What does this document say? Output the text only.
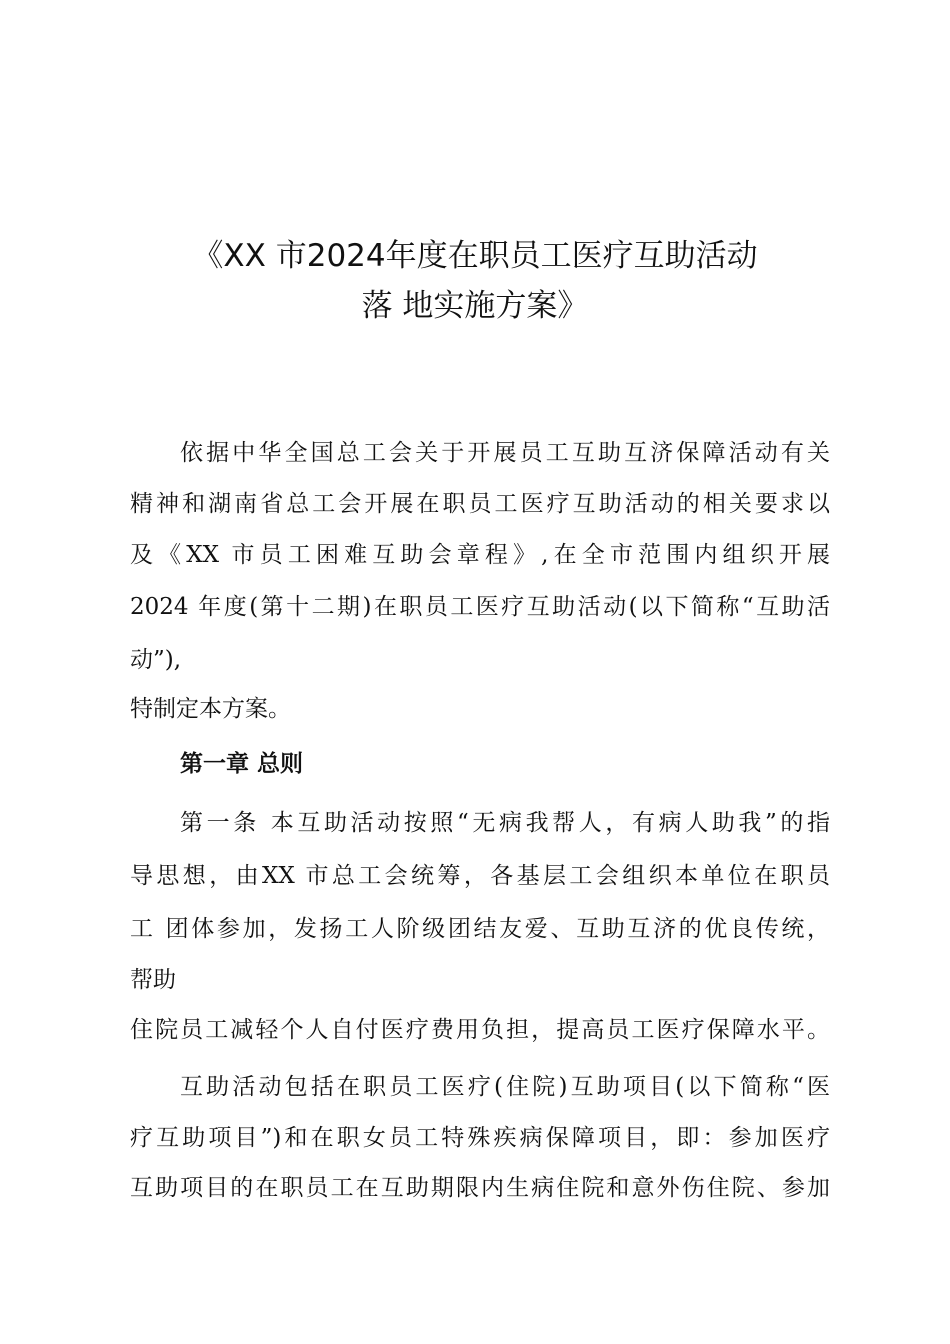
《XX 市2024年度在职员工医疗互助活动
落 地实施方案》
依据中华全国总工会关于开展员工互助互济保障活动有关
精神和湖南省总工会开展在职员工医疗互助活动的相关要求以
及《XX 市员工困难互助会章程》,在全市范围内组织开展
2024 年度(第十二期)在职员工医疗互助活动(以下简称“互助活
动”),
特制定本方案。
第一章 总则
第一条 本互助活动按照“无病我帮人，有病人助我”的指
导思想，由XX 市总工会统筹，各基层工会组织本单位在职员
工 团体参加，发扬工人阶级团结友爱、互助互济的优良传统，
帮助
住院员工减轻个人自付医疗费用负担，提高员工医疗保障水平。
互助活动包括在职员工医疗(住院)互助项目(以下简称“医
疗互助项目”)和在职女员工特殊疾病保障项目，即：参加医疗
互助项目的在职员工在互助期限内生病住院和意外伤住院、参加
